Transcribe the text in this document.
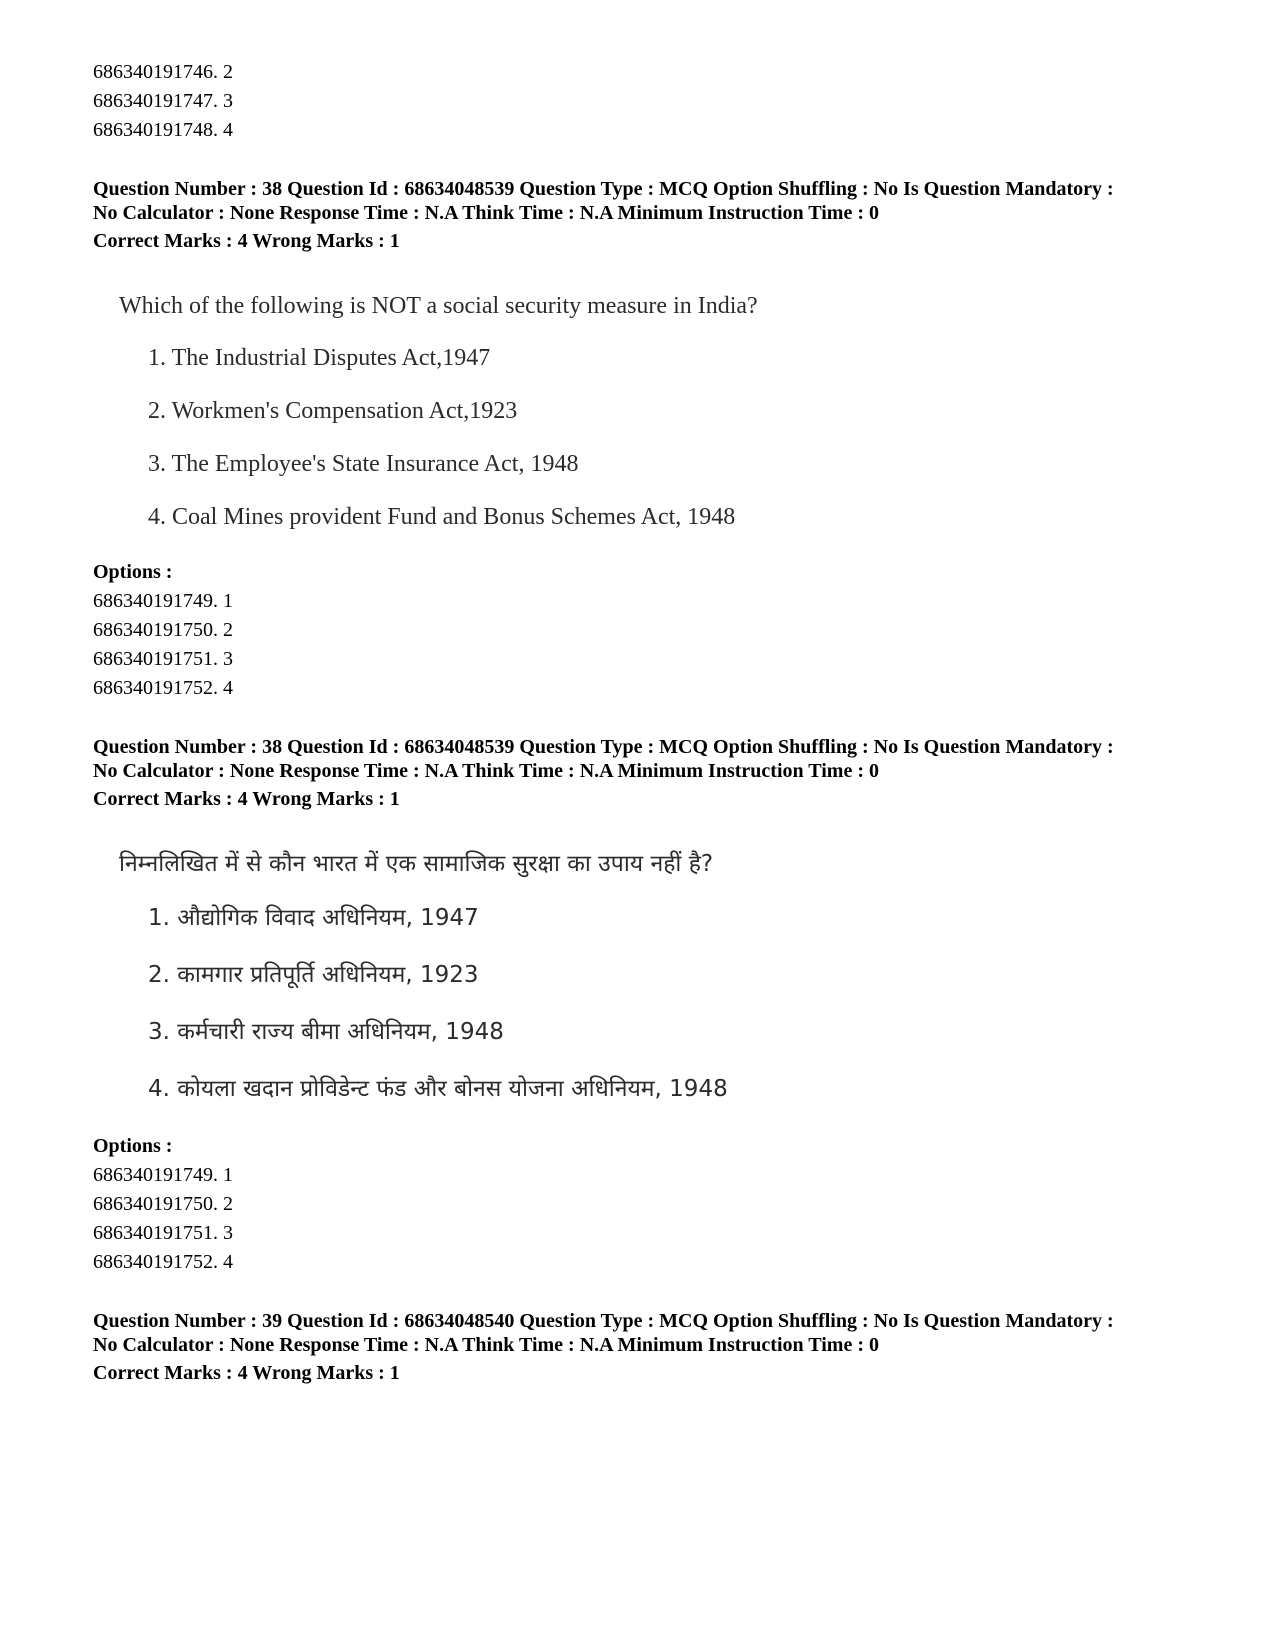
686340191746. 2
686340191747. 3
686340191748. 4
Question Number : 38 Question Id : 68634048539 Question Type : MCQ Option Shuffling : No Is Question Mandatory :
No Calculator : None Response Time : N.A Think Time : N.A Minimum Instruction Time : 0
Correct Marks : 4 Wrong Marks : 1
Which of the following is NOT a social security measure in India?
1. The Industrial Disputes Act,1947
2. Workmen's Compensation Act,1923
3. The Employee's State Insurance Act, 1948
4. Coal Mines provident Fund and Bonus Schemes Act, 1948
Options :
686340191749. 1
686340191750. 2
686340191751. 3
686340191752. 4
Question Number : 38 Question Id : 68634048539 Question Type : MCQ Option Shuffling : No Is Question Mandatory :
No Calculator : None Response Time : N.A Think Time : N.A Minimum Instruction Time : 0
Correct Marks : 4 Wrong Marks : 1
निम्नलिखित में से कौन भारत में एक सामाजिक सुरक्षा का उपाय नहीं है?
1. औद्योगिक विवाद अधिनियम, 1947
2. कामगार प्रतिपूर्ति अधिनियम, 1923
3. कर्मचारी राज्य बीमा अधिनियम, 1948
4. कोयला खदान प्रोविडेन्ट फंड और बोनस योजना अधिनियम, 1948
Options :
686340191749. 1
686340191750. 2
686340191751. 3
686340191752. 4
Question Number : 39 Question Id : 68634048540 Question Type : MCQ Option Shuffling : No Is Question Mandatory :
No Calculator : None Response Time : N.A Think Time : N.A Minimum Instruction Time : 0
Correct Marks : 4 Wrong Marks : 1
